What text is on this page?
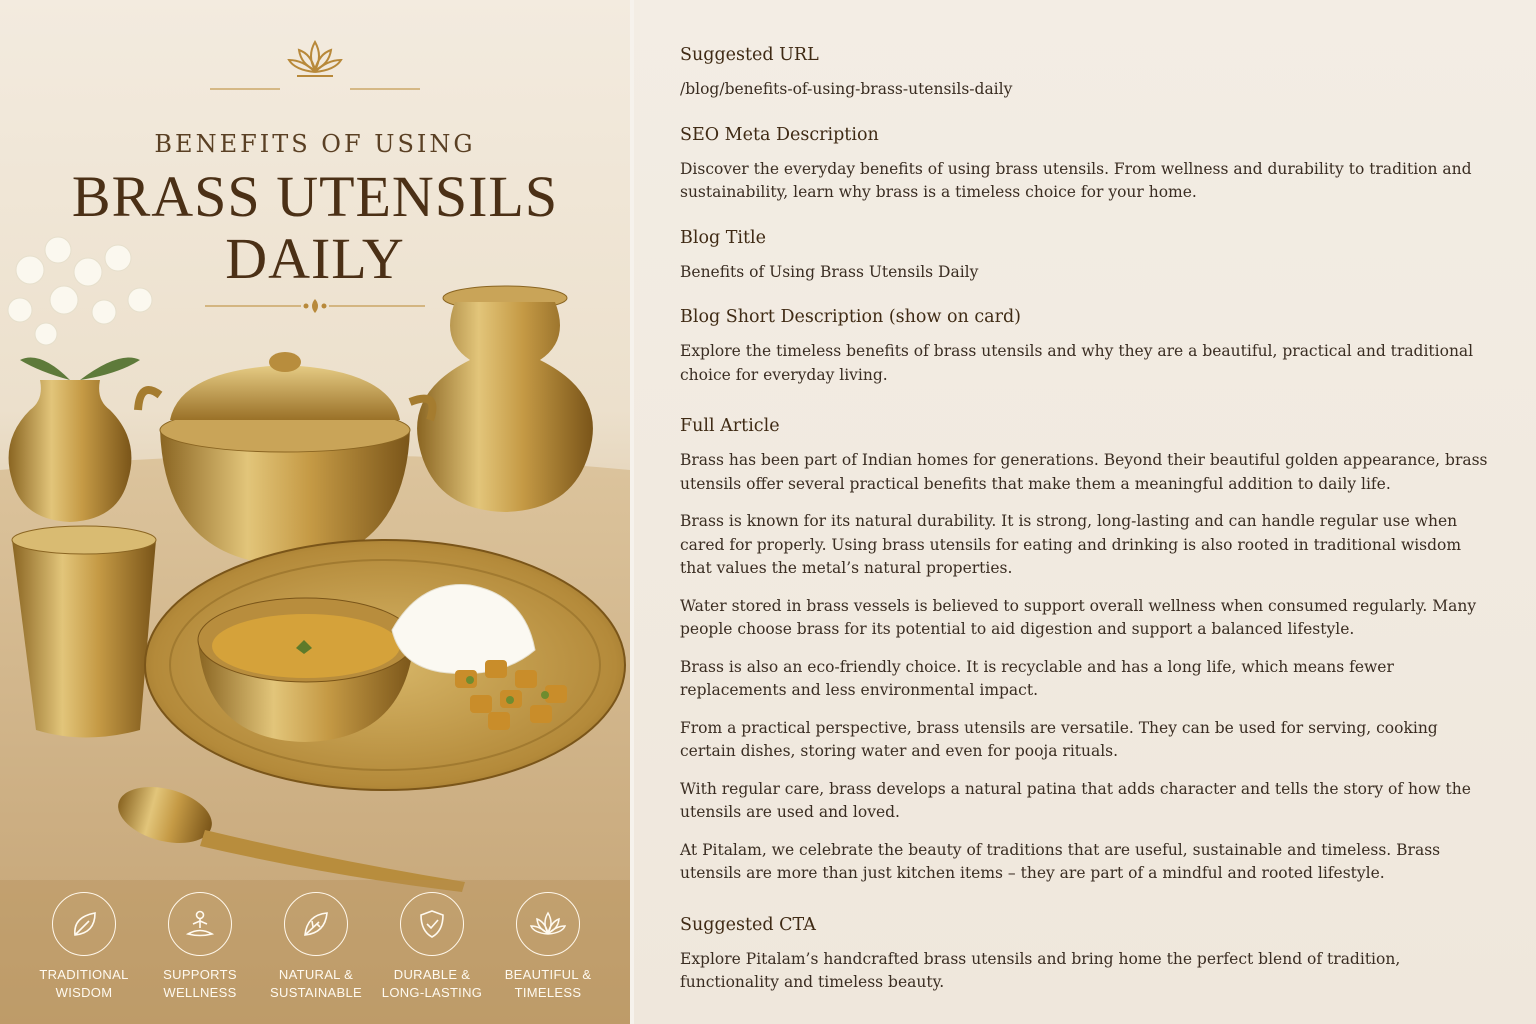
BENEFITS OF USING
BRASS UTENSILS
DAILY
TRADITIONAL
WISDOM
SUPPORTS
WELLNESS
NATURAL &
SUSTAINABLE
DURABLE &
LONG-LASTING
BEAUTIFUL &
TIMELESS

Suggested URL

/blog/benefits-of-using-brass-utensils-daily

SEO Meta Description

Discover the everyday benefits of using brass utensils. From wellness and durability to tradition and sustainability, learn why brass is a timeless choice for your home.

Blog Title

Benefits of Using Brass Utensils Daily

Blog Short Description (show on card)

Explore the timeless benefits of brass utensils and why they are a beautiful, practical and traditional choice for everyday living.

Full Article

Brass has been part of Indian homes for generations. Beyond their beautiful golden appearance, brass utensils offer several practical benefits that make them a meaningful addition to daily life.

Brass is known for its natural durability. It is strong, long-lasting and can handle regular use when cared for properly. Using brass utensils for eating and drinking is also rooted in traditional wisdom that values the metal’s natural properties.

Water stored in brass vessels is believed to support overall wellness when consumed regularly. Many people choose brass for its potential to aid digestion and support a balanced lifestyle.

Brass is also an eco-friendly choice. It is recyclable and has a long life, which means fewer replacements and less environmental impact.

From a practical perspective, brass utensils are versatile. They can be used for serving, cooking certain dishes, storing water and even for pooja rituals.

With regular care, brass develops a natural patina that adds character and tells the story of how the utensils are used and loved.

At Pitalam, we celebrate the beauty of traditions that are useful, sustainable and timeless. Brass utensils are more than just kitchen items – they are part of a mindful and rooted lifestyle.

Suggested CTA

Explore Pitalam’s handcrafted brass utensils and bring home the perfect blend of tradition, functionality and timeless beauty.
